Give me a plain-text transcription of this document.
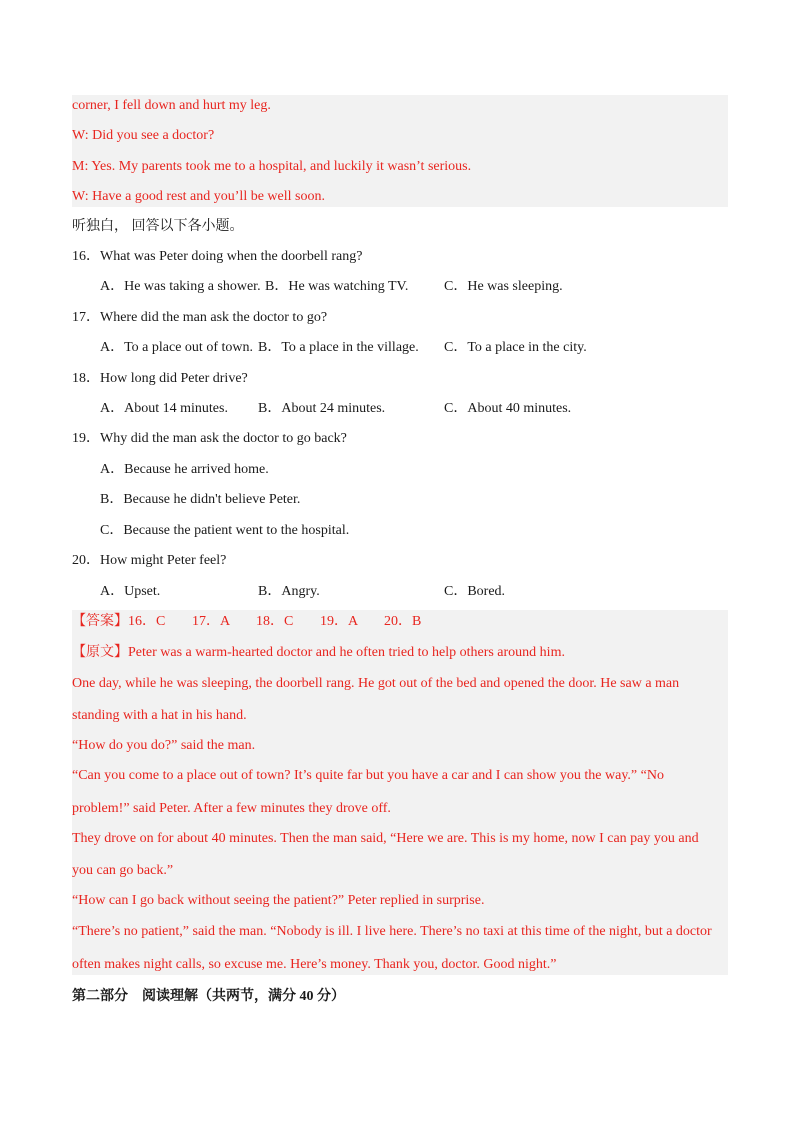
corner, I fell down and hurt my leg.
W: Did you see a doctor?
M: Yes. My parents took me to a hospital, and luckily it wasn’t serious.
W: Have a good rest and you’ll be well soon.
听独白， 回答以下各小题。
16．What was Peter doing when the doorbell rang?
A．He was taking a shower. B．He was watching TV.	C．He was sleeping.
17．Where did the man ask the doctor to go?
A．To a place out of town. B．To a place in the village. C．To a place in the city.
18．How long did Peter drive?
A．About 14 minutes. B．About 24 minutes.	C．About 40 minutes.
19．Why did the man ask the doctor to go back?
A．Because he arrived home.
B．Because he didn't believe Peter.
C．Because the patient went to the hospital.
20．How might Peter feel?
A．Upset.	B．Angry.	C．Bored.
【答案】16．C 17．A 18．C 19．A 20．B
【原文】Peter was a warm-hearted doctor and he often tried to help others around him.
One day, while he was sleeping, the doorbell rang. He got out of the bed and opened the door. He saw a man
standing with a hat in his hand.
“How do you do?” said the man.
“Can you come to a place out of town? It’s quite far but you have a car and I can show you the way.” “No
problem!” said Peter. After a few minutes they drove off.
They drove on for about 40 minutes. Then the man said, “Here we are. This is my home, now I can pay you and
you can go back.”
“How can I go back without seeing the patient?” Peter replied in surprise.
“There’s no patient,” said the man. “Nobody is ill. I live here. There’s no taxi at this time of the night, but a doctor
often makes night calls, so excuse me. Here’s money. Thank you, doctor. Good night.”
第二部分　阅读理解（共两节，满分 40 分）
